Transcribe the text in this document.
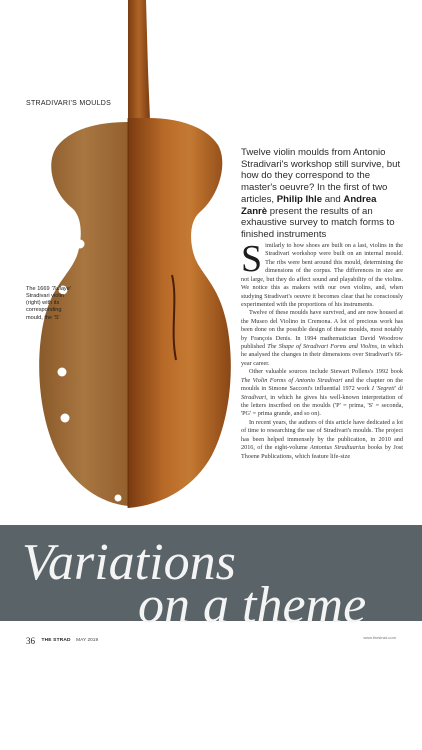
STRADIVARI'S MOULDS
The 1669 'Tullaye' Stradivari violin (right) with its corresponding mould, the 'S'
Twelve violin moulds from Antonio Stradivari's workshop still survive, but how do they correspond to the master's oeuvre? In the first of two articles, Philip Ihle and Andrea Zanrè present the results of an exhaustive survey to match forms to finished instruments

Similarly to how shoes are built on a last, violins in the Stradivari workshop were built on an internal mould. The ribs were bent around this mould, determining the dimensions of the corpus. The differences in size are not large, but they do affect sound and playability of the violins. We notice this as makers with our own violins, and, when studying Stradivari's oeuvre it becomes clear that he consciously experimented with the proportions of his instruments.

Twelve of these moulds have survived, and are now housed at the Museo del Violino in Cremona. A lot of precious work has been done on the possible design of these moulds, most notably by François Denis. In 1994 mathematician David Woodrow published The Shape of Stradivari Forms and Violins, in which he analysed the changes in their dimensions over Stradivari's 66-year career.

Other valuable sources include Stewart Pollens's 1992 book The Violin Forms of Antonio Stradivari and the chapter on the moulds in Simone Sacconi's influential 1972 work I 'Segreti' di Stradivari, in which he gives his well-known interpretation of the letters inscribed on the moulds ('P' = prima, 'S' = seconda, 'PG' = prima grande, and so on).

In recent years, the authors of this article have dedicated a lot of time to researching the use of Stradivari's moulds. The project has been helped immensely by the publication, in 2010 and 2016, of the eight-volume Antonius Stradiuarius books by Jost Thoene Publications, which feature life-size

Variations
on a theme
36 THE STRAD MAY 2019
www.thestrad.com
